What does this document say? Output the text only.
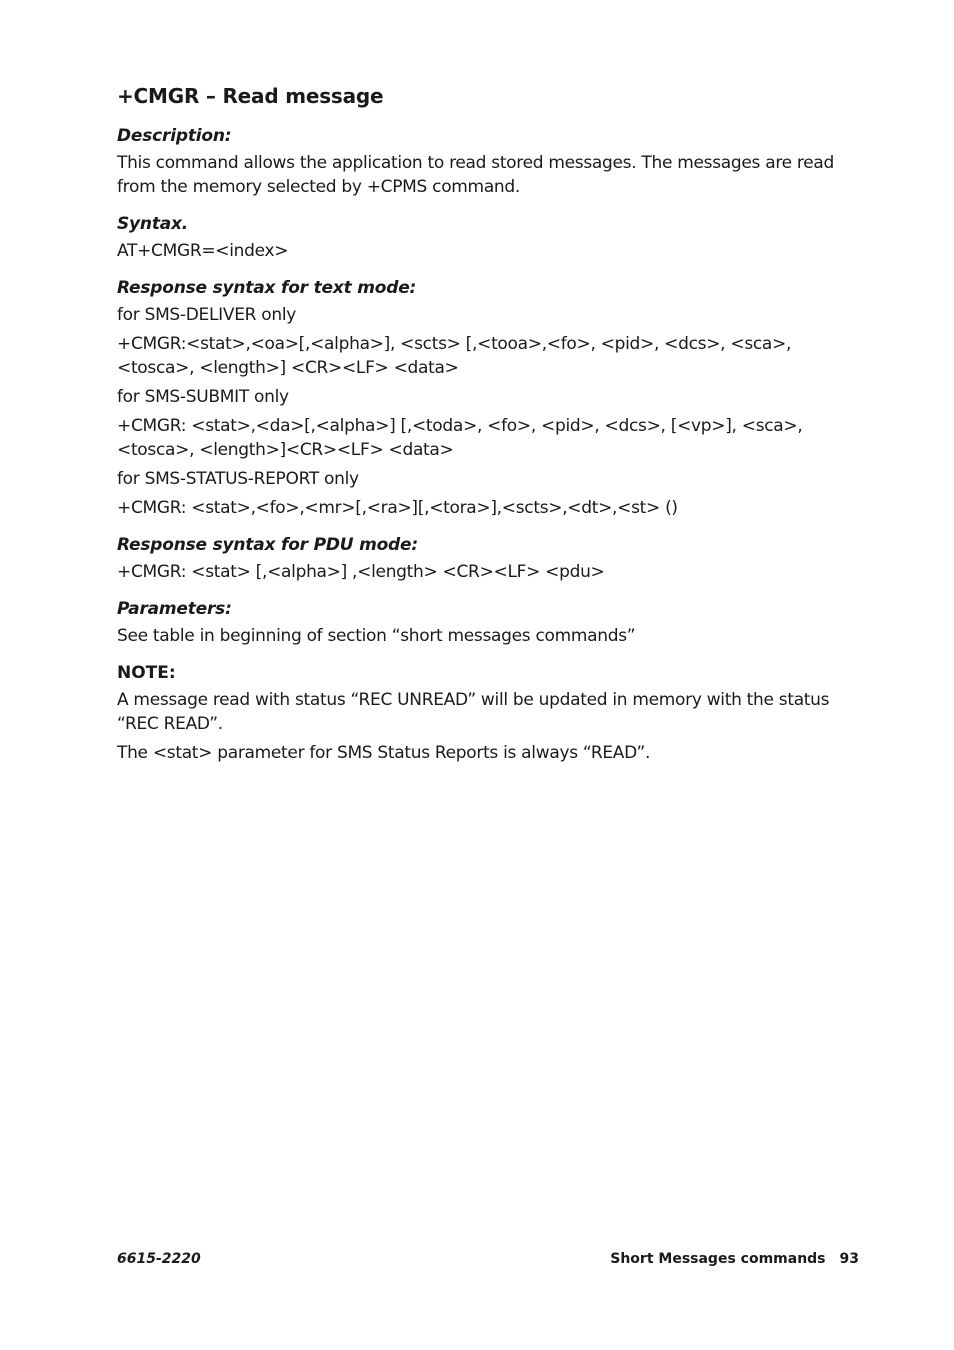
+CMGR – Read message
Description:
This command allows the application to read stored messages. The messages are read from the memory selected by +CPMS command.
Syntax.
AT+CMGR=<index>
Response syntax for text mode:
for SMS-DELIVER only
+CMGR:<stat>,<oa>[,<alpha>], <scts> [,<tooa>,<fo>, <pid>, <dcs>, <sca>, <tosca>, <length>] <CR><LF> <data>
for SMS-SUBMIT only
+CMGR: <stat>,<da>[,<alpha>] [,<toda>, <fo>, <pid>, <dcs>, [<vp>], <sca>, <tosca>, <length>]<CR><LF> <data>
for SMS-STATUS-REPORT only
+CMGR: <stat>,<fo>,<mr>[,<ra>][,<tora>],<scts>,<dt>,<st> ()
Response syntax for PDU mode:
+CMGR: <stat> [,<alpha>] ,<length> <CR><LF> <pdu>
Parameters:
See table in beginning of section “short messages commands”
NOTE:
A message read with status “REC UNREAD” will be updated in memory with the status “REC READ”.
The <stat> parameter for SMS Status Reports is always “READ”.
6615-2220	Short Messages commands 93
